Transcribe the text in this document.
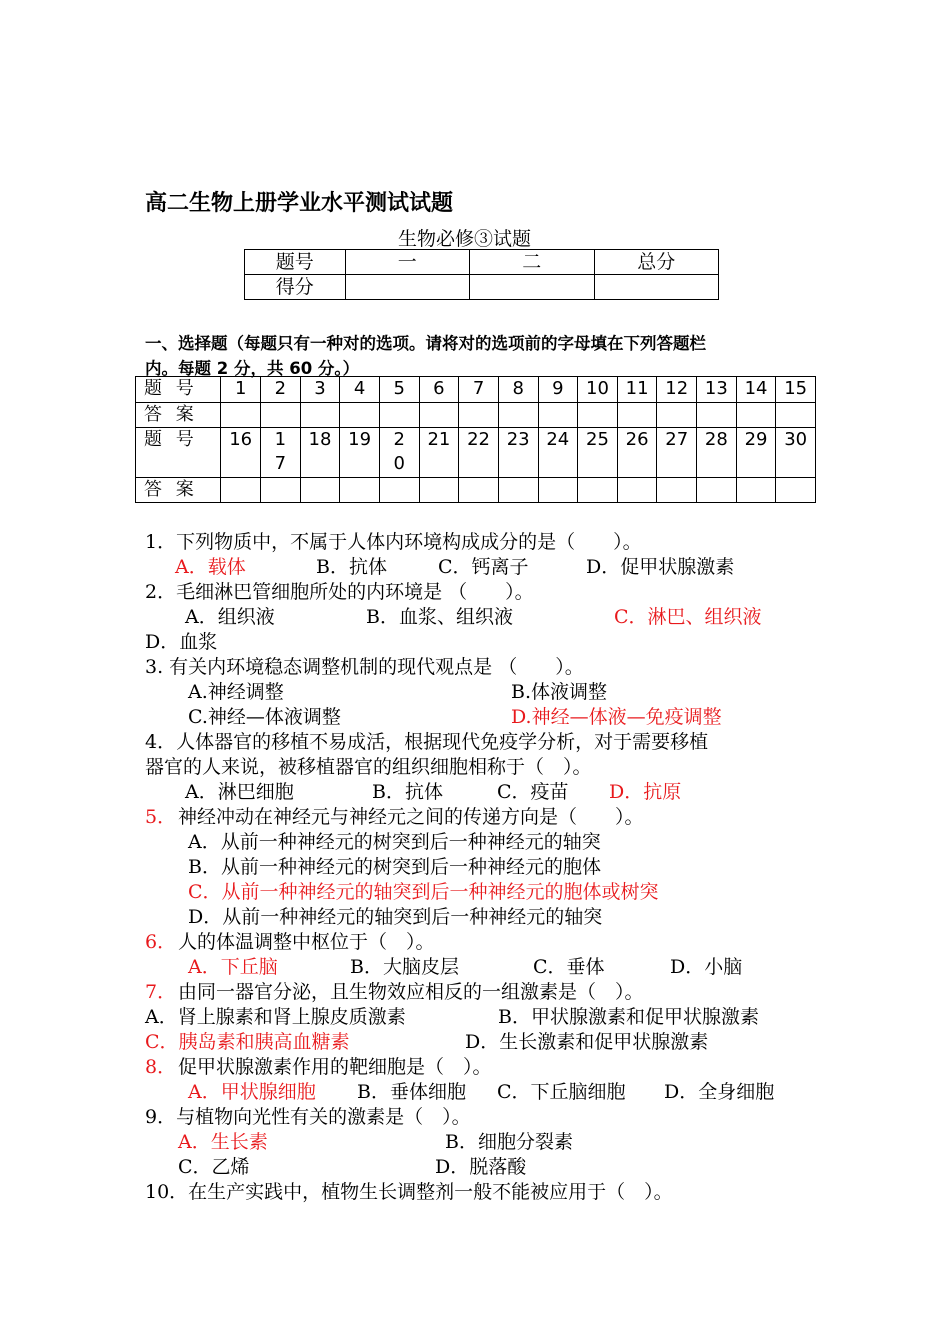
高二生物上册学业水平测试试题
生物必修③试题
题号	一	二	总分
得分			
一、选择题（每题只有一种对的选项。请将对的选项前的字母填在下列答题栏
内。每题 2 分，共 60 分。）
题 号	1	2	3	4	5	6	7	8	9	10	11	12	13	14	15
答 案															
题 号	16	17	18	19	20	21	22	23	24	25	26	27	28	29	30
答 案															
1．下列物质中，不属于人体内环境构成成分的是（　　）。
A．载体	B．抗体	C．钙离子	D．促甲状腺激素
2．毛细淋巴管细胞所处的内环境是 （　　）。
A．组织液	B．血浆、组织液	C．淋巴、组织液
D．血浆
3. 有关内环境稳态调整机制的现代观点是 （　　）。
A.神经调整	B.体液调整
C.神经—体液调整	D.神经—体液—免疫调整
4．人体器官的移植不易成活，根据现代免疫学分析，对于需要移植
器官的人来说，被移植器官的组织细胞相称于（　）。
A．淋巴细胞	B．抗体	C．疫苗 D．抗原
5． 神经冲动在神经元与神经元之间的传递方向是（　　）。
A．从前一种神经元的树突到后一种神经元的轴突
B．从前一种神经元的树突到后一种神经元的胞体
C．从前一种神经元的轴突到后一种神经元的胞体或树突
D．从前一种神经元的轴突到后一种神经元的轴突
6． 人的体温调整中枢位于（　）。
A．下丘脑	B．大脑皮层	C．垂体	D．小脑
7． 由同一器官分泌，且生物效应相反的一组激素是（　）。
A．肾上腺素和肾上腺皮质激素	B．甲状腺激素和促甲状腺激素
C．胰岛素和胰高血糖素	D．生长激素和促甲状腺激素
8． 促甲状腺激素作用的靶细胞是（　）。
A．甲状腺细胞 B．垂体细胞 C．下丘脑细胞 D．全身细胞
9．与植物向光性有关的激素是（　）。
A．生长素	B．细胞分裂素
C．乙烯	D．脱落酸
10．在生产实践中，植物生长调整剂一般不能被应用于（　）。
